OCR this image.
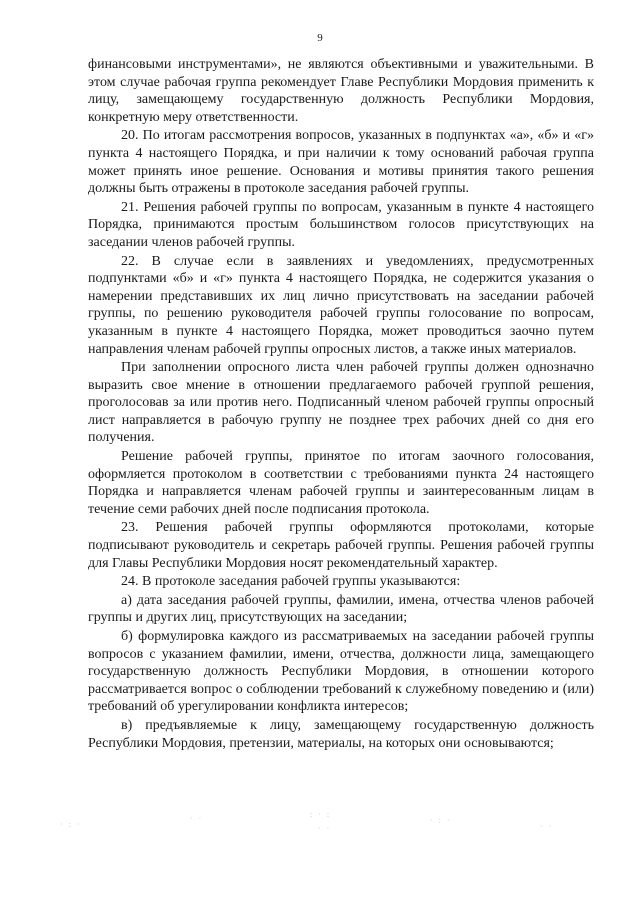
9

финансовыми инструментами», не являются объективными и уважительными. В этом случае рабочая группа рекомендует Главе Республики Мордовия применить к лицу, замещающему государственную должность Республики Мордовия, конкретную меру ответственности.

20. По итогам рассмотрения вопросов, указанных в подпунктах «а», «б» и «г» пункта 4 настоящего Порядка, и при наличии к тому оснований рабочая группа может принять иное решение. Основания и мотивы принятия такого решения должны быть отражены в протоколе заседания рабочей группы.

21. Решения рабочей группы по вопросам, указанным в пункте 4 настоящего Порядка, принимаются простым большинством голосов присутствующих на заседании членов рабочей группы.

22. В случае если в заявлениях и уведомлениях, предусмотренных подпунктами «б» и «г» пункта 4 настоящего Порядка, не содержится указания о намерении представивших их лиц лично присутствовать на заседании рабочей группы, по решению руководителя рабочей группы голосование по вопросам, указанным в пункте 4 настоящего Порядка, может проводиться заочно путем направления членам рабочей группы опросных листов, а также иных материалов.

При заполнении опросного листа член рабочей группы должен однозначно выразить свое мнение в отношении предлагаемого рабочей группой решения, проголосовав за или против него. Подписанный членом рабочей группы опросный лист направляется в рабочую группу не позднее трех рабочих дней со дня его получения.

Решение рабочей группы, принятое по итогам заочного голосования, оформляется протоколом в соответствии с требованиями пункта 24 настоящего Порядка и направляется членам рабочей группы и заинтересованным лицам в течение семи рабочих дней после подписания протокола.

23. Решения рабочей группы оформляются протоколами, которые подписывают руководитель и секретарь рабочей группы. Решения рабочей группы для Главы Республики Мордовия носят рекомендательный характер.

24. В протоколе заседания рабочей группы указываются:

а) дата заседания рабочей группы, фамилии, имена, отчества членов рабочей группы и других лиц, присутствующих на заседании;

б) формулировка каждого из рассматриваемых на заседании рабочей группы вопросов с указанием фамилии, имени, отчества, должности лица, замещающего государственную должность Республики Мордовия, в отношении которого рассматривается вопрос о соблюдении требований к служебному поведению и (или) требований об урегулировании конфликта интересов;

в) предъявляемые к лицу, замещающему государственную должность Республики Мордовия, претензии, материалы, на которых они основываются;

· : ·
· ·	: · :
· ·
· : ·
· ·
